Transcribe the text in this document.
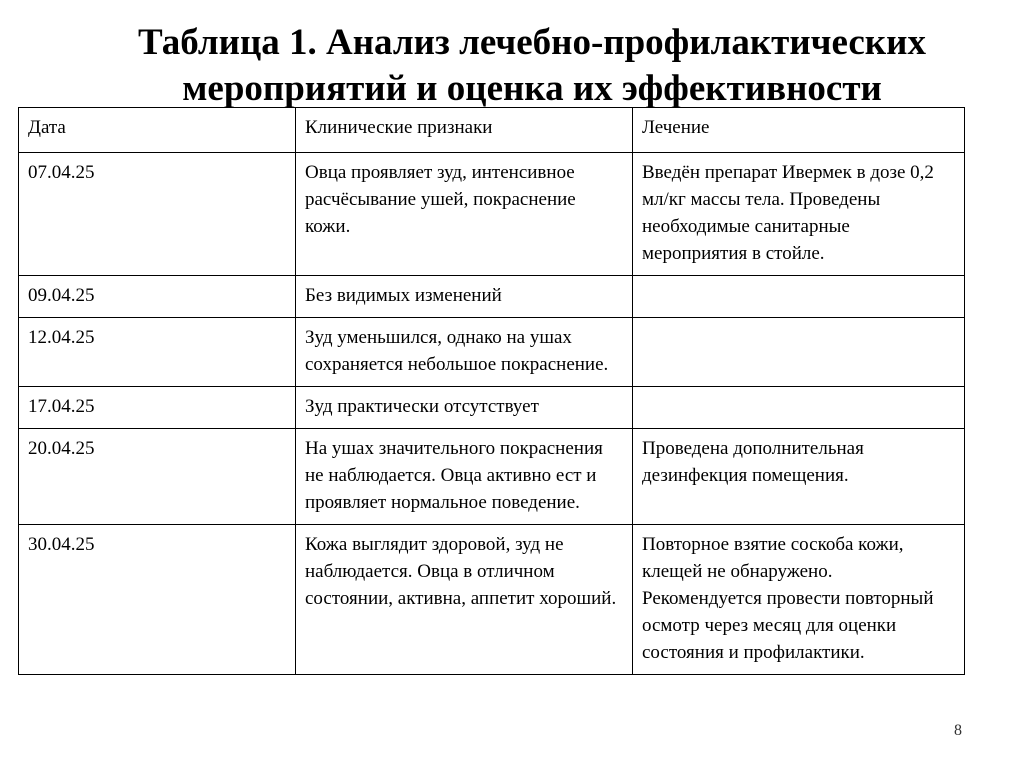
Таблица 1. Анализ лечебно-профилактических
мероприятий и оценка их эффективности
Дата	Клинические признаки	Лечение
07.04.25	Овца проявляет зуд, интенсивное расчёсывание ушей, покраснение кожи.	Введён препарат Ивермек в дозе 0,2 мл/кг массы тела. Проведены необходимые санитарные мероприятия в стойле.
09.04.25	Без видимых изменений	
12.04.25	Зуд уменьшился, однако на ушах сохраняется небольшое покраснение.	
17.04.25	Зуд практически отсутствует	
20.04.25	На ушах значительного покраснения не наблюдается. Овца активно ест и проявляет нормальное поведение.	Проведена дополнительная дезинфекция помещения.
30.04.25	Кожа выглядит здоровой, зуд не наблюдается. Овца в отличном состоянии, активна, аппетит хороший.	Повторное взятие соскоба кожи, клещей не обнаружено. Рекомендуется провести повторный осмотр через месяц для оценки состояния и профилактики.
8
